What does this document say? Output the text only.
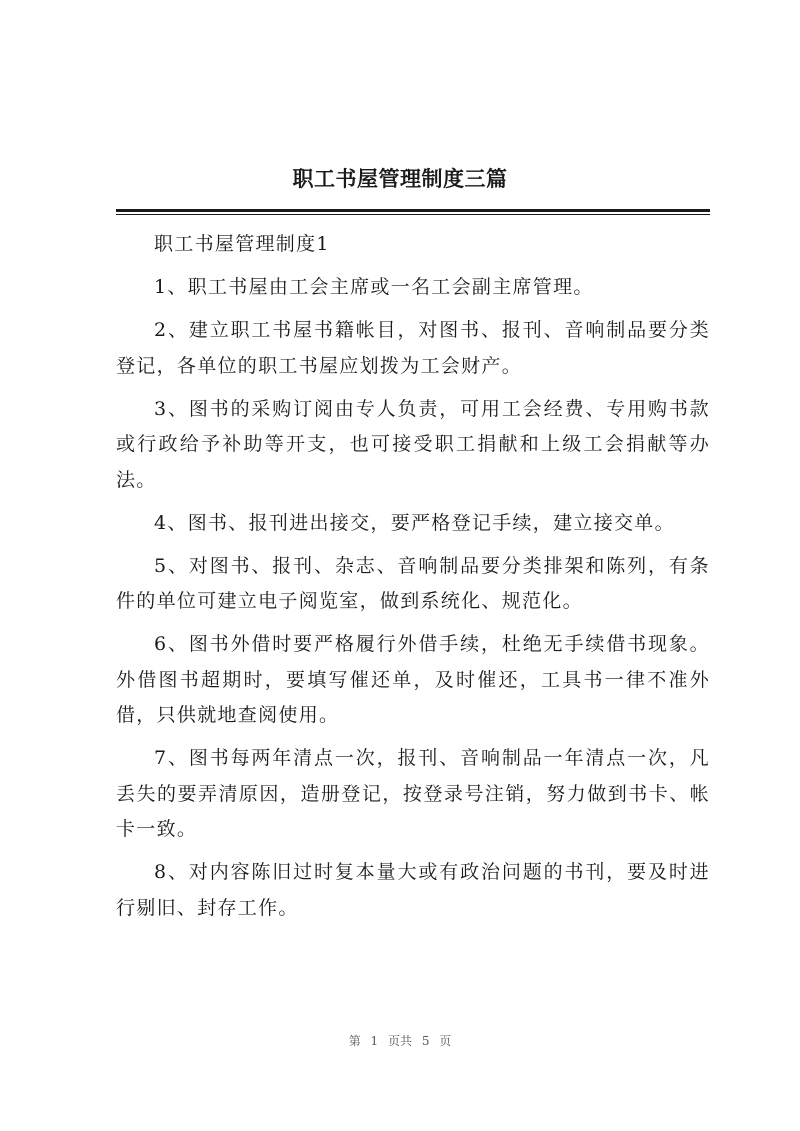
职工书屋管理制度三篇

职工书屋管理制度1

1、职工书屋由工会主席或一名工会副主席管理。

2、建立职工书屋书籍帐目，对图书、报刊、音响制品要分类登记，各单位的职工书屋应划拨为工会财产。

3、图书的采购订阅由专人负责，可用工会经费、专用购书款或行政给予补助等开支，也可接受职工捐献和上级工会捐献等办法。

4、图书、报刊进出接交，要严格登记手续，建立接交单。

5、对图书、报刊、杂志、音响制品要分类排架和陈列，有条件的单位可建立电子阅览室，做到系统化、规范化。

6、图书外借时要严格履行外借手续，杜绝无手续借书现象。外借图书超期时，要填写催还单，及时催还，工具书一律不准外借，只供就地查阅使用。

7、图书每两年清点一次，报刊、音响制品一年清点一次，凡丢失的要弄清原因，造册登记，按登录号注销，努力做到书卡、帐卡一致。

8、对内容陈旧过时复本量大或有政治问题的书刊，要及时进行剔旧、封存工作。

第 1 页共 5 页
